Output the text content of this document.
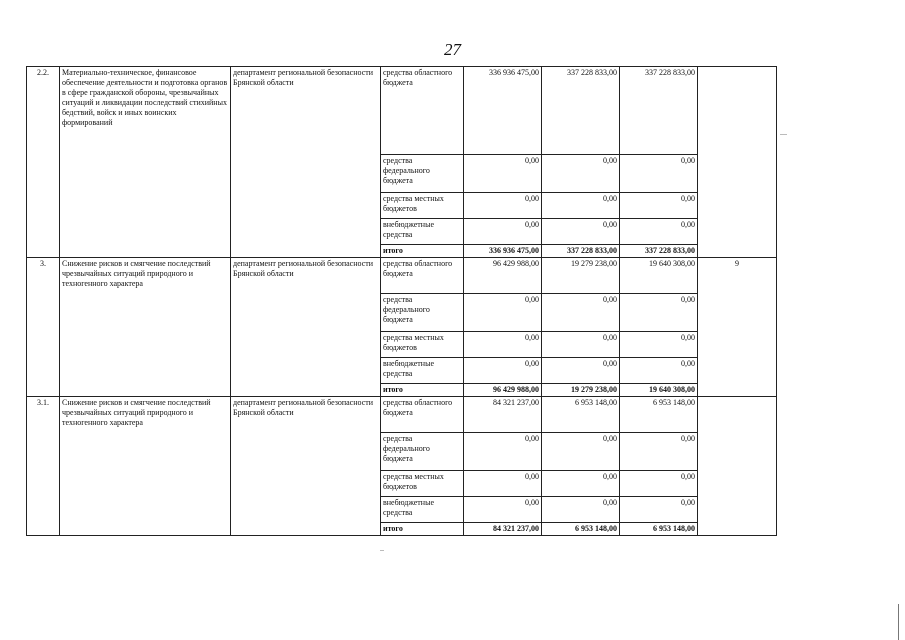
27
2.2.	Материально-техническое, финансовое обеспечение деятельности и подготовка органов в сфере гражданской обороны, чрезвычайных ситуаций и ликвидации последствий стихийных бедствий, войск и иных воинских формирований	департамент региональной безопасности Брянской области	средства областного бюджета	336 936 475,00	337 228 833,00	337 228 833,00	
			средства федерального бюджета	0,00	0,00	0,00	
			средства местных бюджетов	0,00	0,00	0,00	
			внебюджетные средства	0,00	0,00	0,00	
			итого	336 936 475,00	337 228 833,00	337 228 833,00	
3.	Снижение рисков и смягчение последствий чрезвычайных ситуаций природного и техногенного характера	департамент региональной безопасности Брянской области	средства областного бюджета	96 429 988,00	19 279 238,00	19 640 308,00	9
			средства федерального бюджета	0,00	0,00	0,00	
			средства местных бюджетов	0,00	0,00	0,00	
			внебюджетные средства	0,00	0,00	0,00	
			итого	96 429 988,00	19 279 238,00	19 640 308,00	
3.1.	Снижение рисков и смягчение последствий чрезвычайных ситуаций природного и техногенного характера	департамент региональной безопасности Брянской области	средства областного бюджета	84 321 237,00	6 953 148,00	6 953 148,00	
			средства федерального бюджета	0,00	0,00	0,00	
			средства местных бюджетов	0,00	0,00	0,00	
			внебюджетные средства	0,00	0,00	0,00	
			итого	84 321 237,00	6 953 148,00	6 953 148,00	
